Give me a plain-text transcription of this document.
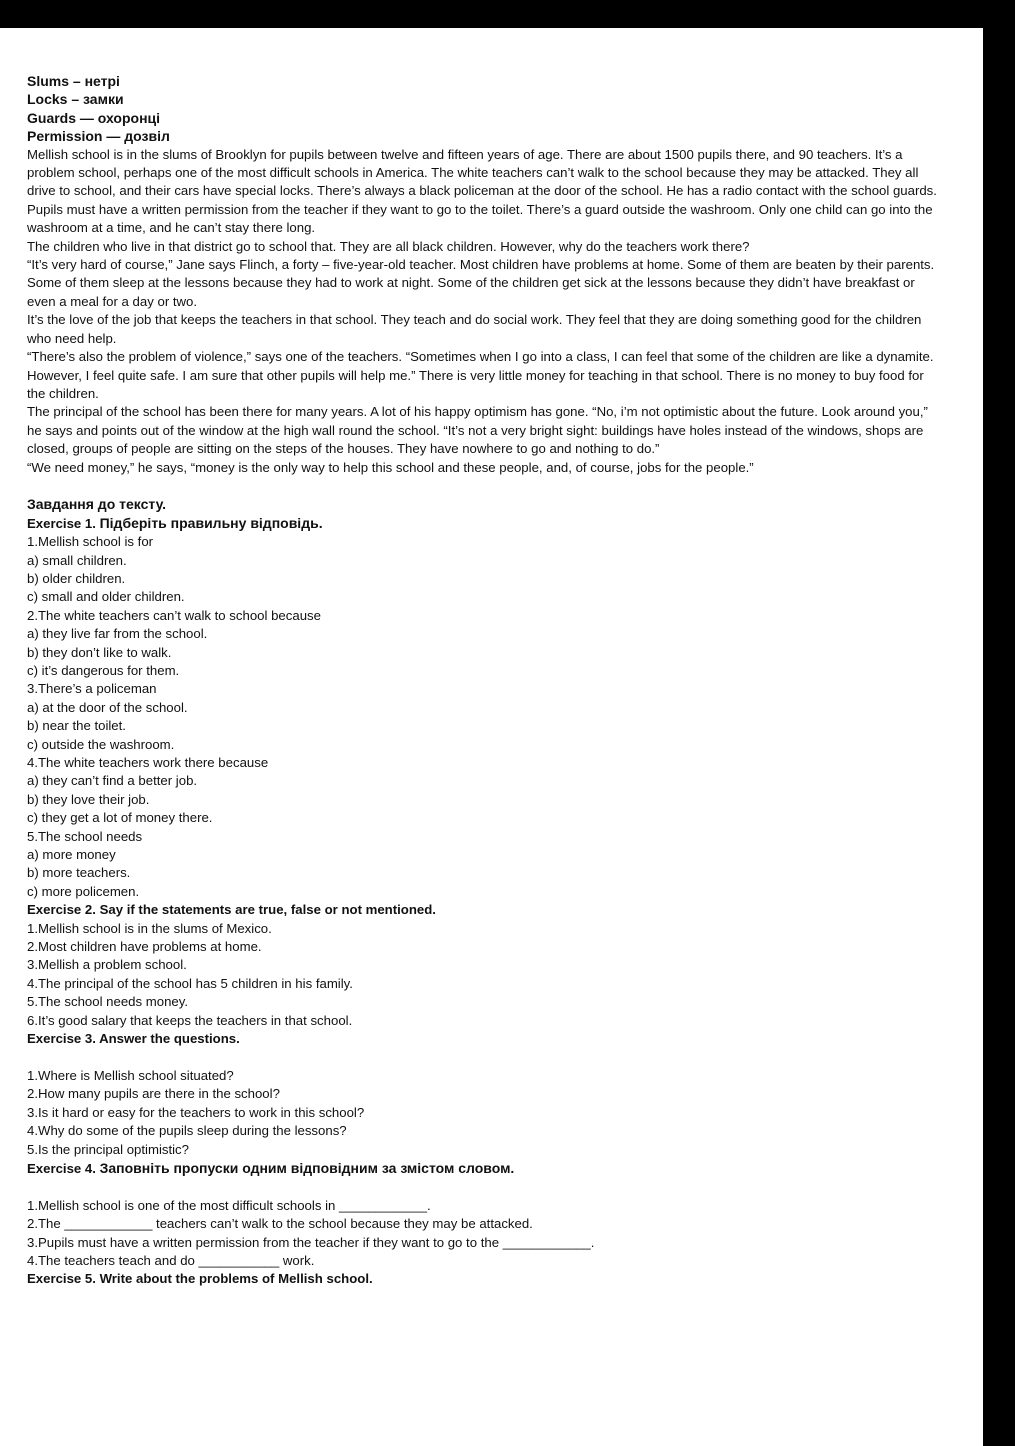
Slums – нетрі
Locks – замки
Guards — охоронці
Permission — дозвіл
Mellish school is in the slums of Brooklyn for pupils between twelve and fifteen years of age. There are about 1500 pupils there, and 90 teachers. It’s a problem school, perhaps one of the most difficult schools in America. The white teachers can’t walk to the school because they may be attacked. They all drive to school, and their cars have special locks. There’s always a black policeman at the door of the school. He has a radio contact with the school guards. Pupils must have a written permission from the teacher if they want to go to the toilet. There’s a guard outside the washroom. Only one child can go into the washroom at a time, and he can’t stay there long.
The children who live in that district go to school that. They are all black children. However, why do the teachers work there?
“It’s very hard of course,” Jane says Flinch, a forty – five-year-old teacher. Most children have problems at home. Some of them are beaten by their parents. Some of them sleep at the lessons because they had to work at night. Some of the children get sick at the lessons because they didn’t have breakfast or even a meal for a day or two.
It’s the love of the job that keeps the teachers in that school. They teach and do social work. They feel that they are doing something good for the children who need help.
“There’s also the problem of violence,” says one of the teachers. “Sometimes when I go into a class, I can feel that some of the children are like a dynamite. However, I feel quite safe. I am sure that other pupils will help me.” There is very little money for teaching in that school. There is no money to buy food for the children.
The principal of the school has been there for many years. A lot of his happy optimism has gone. “No, i’m not optimistic about the future. Look around you,” he says and points out of the window at the high wall round the school. “It’s not a very bright sight: buildings have holes instead of the windows, shops are closed, groups of people are sitting on the steps of the houses. They have nowhere to go and nothing to do.”
“We need money,” he says, “money is the only way to help this school and these people, and, of course, jobs for the people.”
Завдання до тексту.
Exercise 1. Підберіть правильну відповідь.
1.Mellish school is for
a) small children.
b) older children.
c) small and older children.
2.The white teachers can’t walk to school because
a) they live far from the school.
b) they don’t like to walk.
c) it’s dangerous for them.
3.There’s a policeman
a) at the door of the school.
b) near the toilet.
c) outside the washroom.
4.The white teachers work there because
a) they can’t find a better job.
b) they love their job.
c) they get a lot of money there.
5.The school needs
a) more money
b) more teachers.
c) more policemen.
Exercise 2. Say if the statements are true, false or not mentioned.
1.Mellish school is in the slums of Mexico.
2.Most children have problems at home.
3.Mellish a problem school.
4.The principal of the school has 5 children in his family.
5.The school needs money.
6.It’s good salary that keeps the teachers in that school.
Exercise 3. Answer the questions.
1.Where is Mellish school situated?
2.How many pupils are there in the school?
3.Is it hard or easy for the teachers to work in this school?
4.Why do some of the pupils sleep during the lessons?
5.Is the principal optimistic?
Exercise 4. Заповніть пропуски одним відповідним за змістом словом.
1.Mellish school is one of the most difficult schools in ____________.
2.The ____________ teachers can’t walk to the school because they may be attacked.
3.Pupils must have a written permission from the teacher if they want to go to the ____________.
4.The teachers teach and do ___________ work.
Exercise 5. Write about the problems of Mellish school.
